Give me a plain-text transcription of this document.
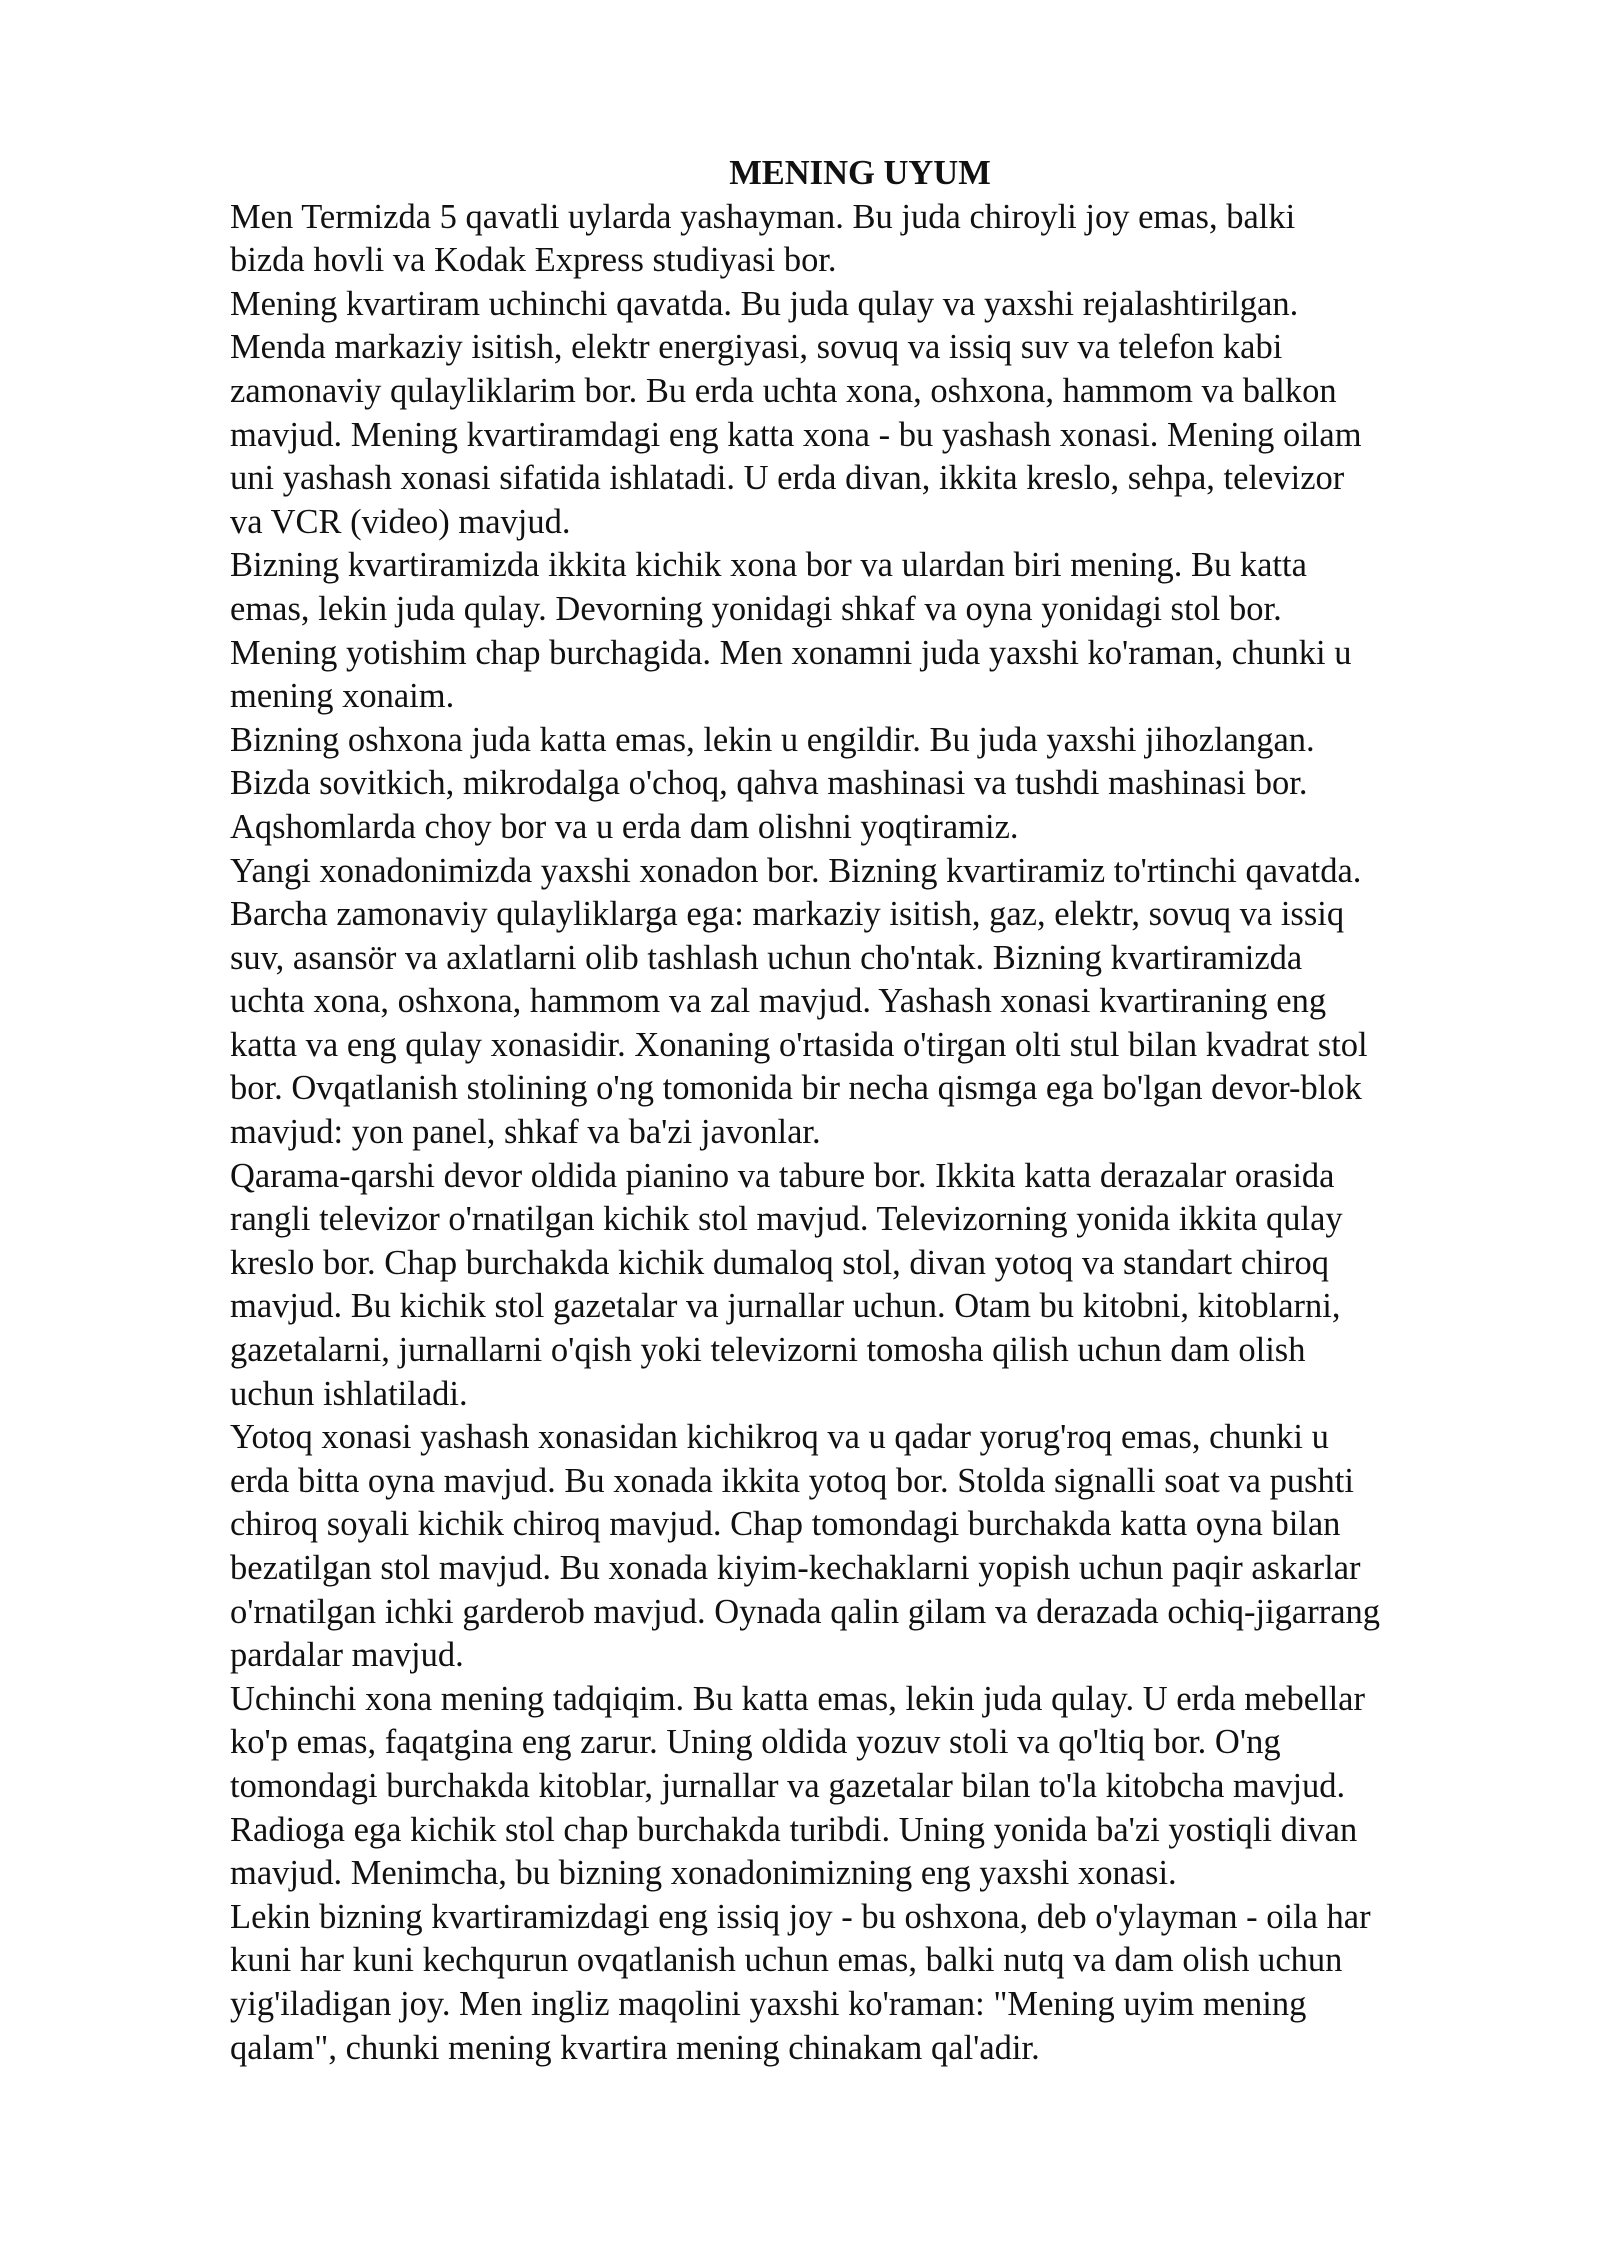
MENING UYUM
Men Termizda 5 qavatli uylarda yashayman. Bu juda chiroyli joy emas, balki
bizda hovli va Kodak Express studiyasi bor.
Mening kvartiram uchinchi qavatda. Bu juda qulay va yaxshi rejalashtirilgan.
Menda markaziy isitish, elektr energiyasi, sovuq va issiq suv va telefon kabi
zamonaviy qulayliklarim bor. Bu erda uchta xona, oshxona, hammom va balkon
mavjud. Mening kvartiramdagi eng katta xona - bu yashash xonasi. Mening oilam
uni yashash xonasi sifatida ishlatadi. U erda divan, ikkita kreslo, sehpa, televizor
va VCR (video) mavjud.
Bizning kvartiramizda ikkita kichik xona bor va ulardan biri mening. Bu katta
emas, lekin juda qulay. Devorning yonidagi shkaf va oyna yonidagi stol bor.
Mening yotishim chap burchagida. Men xonamni juda yaxshi ko'raman, chunki u
mening xonaim.
Bizning oshxona juda katta emas, lekin u engildir. Bu juda yaxshi jihozlangan.
Bizda sovitkich, mikrodalga o'choq, qahva mashinasi va tushdi mashinasi bor.
Aqshomlarda choy bor va u erda dam olishni yoqtiramiz.
Yangi xonadonimizda yaxshi xonadon bor. Bizning kvartiramiz to'rtinchi qavatda.
Barcha zamonaviy qulayliklarga ega: markaziy isitish, gaz, elektr, sovuq va issiq
suv, asansör va axlatlarni olib tashlash uchun cho'ntak. Bizning kvartiramizda
uchta xona, oshxona, hammom va zal mavjud. Yashash xonasi kvartiraning eng
katta va eng qulay xonasidir. Xonaning o'rtasida o'tirgan olti stul bilan kvadrat stol
bor. Ovqatlanish stolining o'ng tomonida bir necha qismga ega bo'lgan devor-blok
mavjud: yon panel, shkaf va ba'zi javonlar.
Qarama-qarshi devor oldida pianino va tabure bor. Ikkita katta derazalar orasida
rangli televizor o'rnatilgan kichik stol mavjud. Televizorning yonida ikkita qulay
kreslo bor. Chap burchakda kichik dumaloq stol, divan yotoq va standart chiroq
mavjud. Bu kichik stol gazetalar va jurnallar uchun. Otam bu kitobni, kitoblarni,
gazetalarni, jurnallarni o'qish yoki televizorni tomosha qilish uchun dam olish
uchun ishlatiladi.
Yotoq xonasi yashash xonasidan kichikroq va u qadar yorug'roq emas, chunki u
erda bitta oyna mavjud. Bu xonada ikkita yotoq bor. Stolda signalli soat va pushti
chiroq soyali kichik chiroq mavjud. Chap tomondagi burchakda katta oyna bilan
bezatilgan stol mavjud. Bu xonada kiyim-kechaklarni yopish uchun paqir askarlar
o'rnatilgan ichki garderob mavjud. Oynada qalin gilam va derazada ochiq-jigarrang
pardalar mavjud.
Uchinchi xona mening tadqiqim. Bu katta emas, lekin juda qulay. U erda mebellar
ko'p emas, faqatgina eng zarur. Uning oldida yozuv stoli va qo'ltiq bor. O'ng
tomondagi burchakda kitoblar, jurnallar va gazetalar bilan to'la kitobcha mavjud.
Radioga ega kichik stol chap burchakda turibdi. Uning yonida ba'zi yostiqli divan
mavjud. Menimcha, bu bizning xonadonimizning eng yaxshi xonasi.
Lekin bizning kvartiramizdagi eng issiq joy - bu oshxona, deb o'ylayman - oila har
kuni har kuni kechqurun ovqatlanish uchun emas, balki nutq va dam olish uchun
yig'iladigan joy. Men ingliz maqolini yaxshi ko'raman: "Mening uyim mening
qalam", chunki mening kvartira mening chinakam qal'adir.
